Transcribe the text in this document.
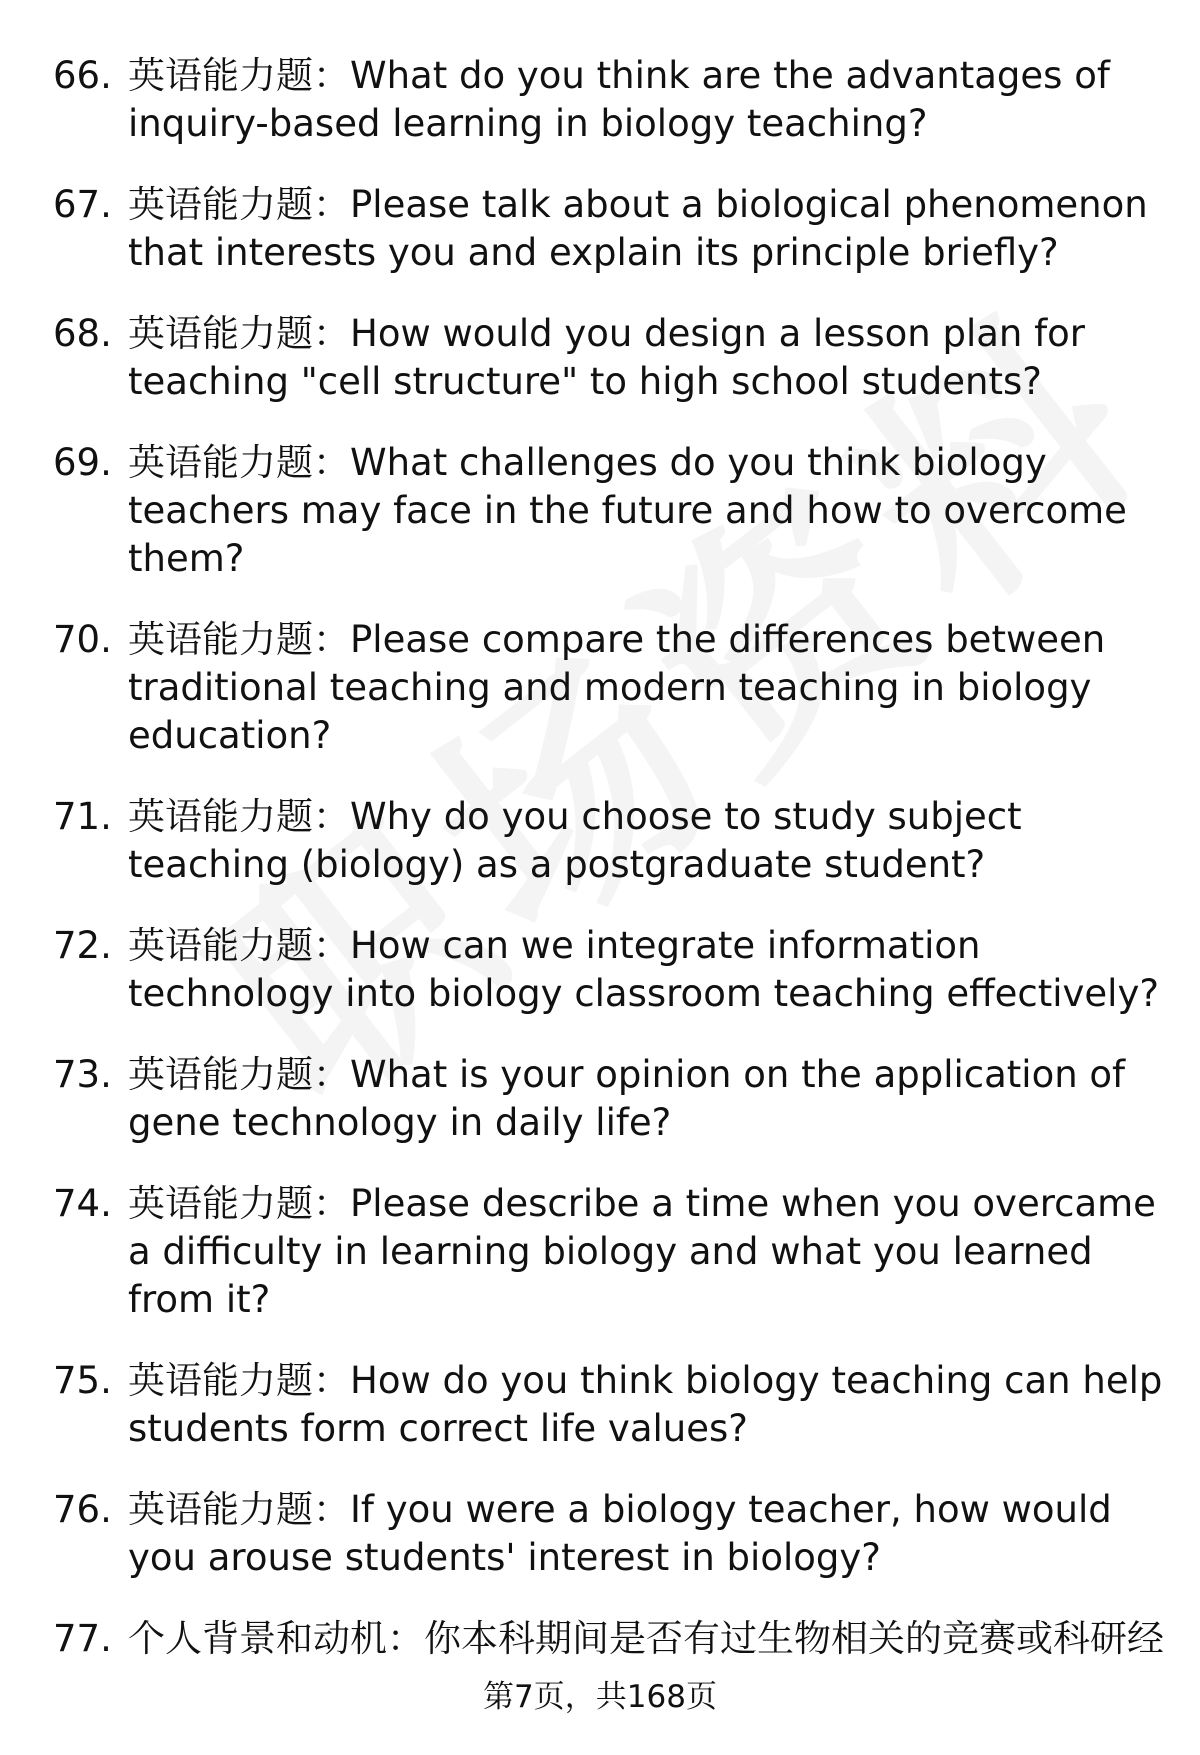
66. 英语能力题：What do you think are the advantages of inquiry-based learning in biology teaching?
67. 英语能力题：Please talk about a biological phenomenon that interests you and explain its principle briefly?
68. 英语能力题：How would you design a lesson plan for teaching "cell structure" to high school students?
69. 英语能力题：What challenges do you think biology teachers may face in the future and how to overcome them?
70. 英语能力题：Please compare the differences between traditional teaching and modern teaching in biology education?
71. 英语能力题：Why do you choose to study subject teaching (biology) as a postgraduate student?
72. 英语能力题：How can we integrate information technology into biology classroom teaching effectively?
73. 英语能力题：What is your opinion on the application of gene technology in daily life?
74. 英语能力题：Please describe a time when you overcame a difficulty in learning biology and what you learned from it?
75. 英语能力题：How do you think biology teaching can help students form correct life values?
76. 英语能力题：If you were a biology teacher, how would you arouse students' interest in biology?
77. 个人背景和动机：你本科期间是否有过生物相关的竞赛或科研经
第7页，共168页
